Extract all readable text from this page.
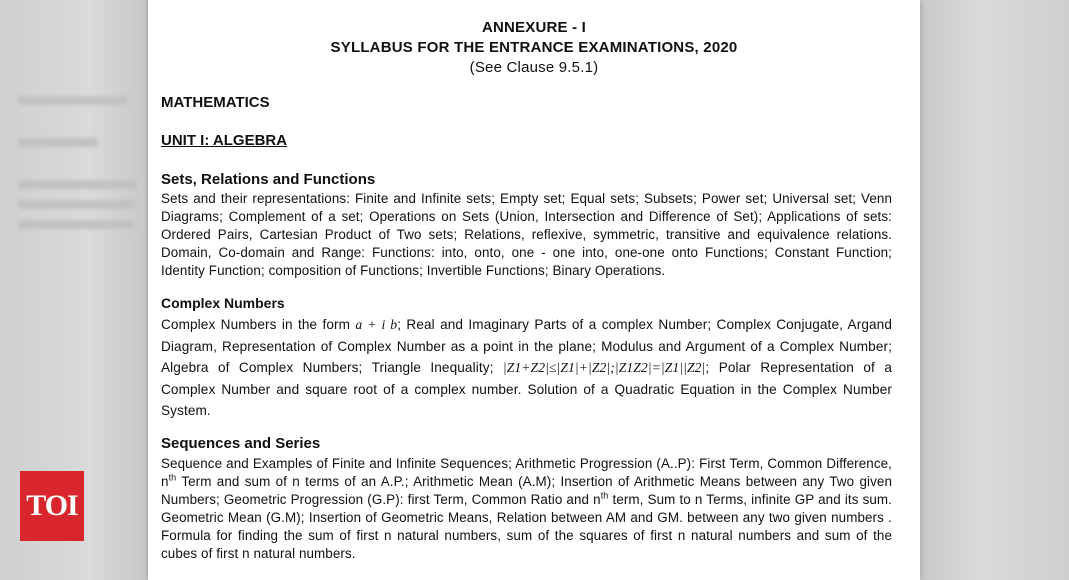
ANNEXURE - I
SYLLABUS FOR THE ENTRANCE EXAMINATIONS, 2020
(See Clause 9.5.1)
MATHEMATICS
UNIT I: ALGEBRA
Sets, Relations and Functions
Sets and their representations: Finite and Infinite sets; Empty set; Equal sets; Subsets; Power set; Universal set; Venn Diagrams; Complement of a set; Operations on Sets (Union, Intersection and Difference of Set); Applications of sets: Ordered Pairs, Cartesian Product of Two sets; Relations, reflexive, symmetric, transitive and equivalence relations. Domain, Co-domain and Range: Functions: into, onto, one - one into, one-one onto Functions; Constant Function; Identity Function; composition of Functions; Invertible Functions; Binary Operations.
Complex Numbers
Complex Numbers in the form a + i b; Real and Imaginary Parts of a complex Number; Complex Conjugate, Argand Diagram, Representation of Complex Number as a point in the plane; Modulus and Argument of a Complex Number; Algebra of Complex Numbers; Triangle Inequality; |Z1+Z2|≤|Z1|+|Z2|;|Z1Z2|=|Z1||Z2|; Polar Representation of a Complex Number and square root of a complex number. Solution of a Quadratic Equation in the Complex Number System.
Sequences and Series
Sequence and Examples of Finite and Infinite Sequences; Arithmetic Progression (A..P): First Term, Common Difference, $n^{th}$ Term and sum of n terms of an A.P.; Arithmetic Mean (A.M); Insertion of Arithmetic Means between any Two given Numbers; Geometric Progression (G.P): first Term, Common Ratio and $n^{th}$ term, Sum to n Terms, infinite GP and its sum. Geometric Mean (G.M); Insertion of Geometric Means, Relation between AM and GM. between any two given numbers . Formula for finding the sum of first n natural numbers, sum of the squares of first n natural numbers and sum of the cubes of first n natural numbers.
TOI
